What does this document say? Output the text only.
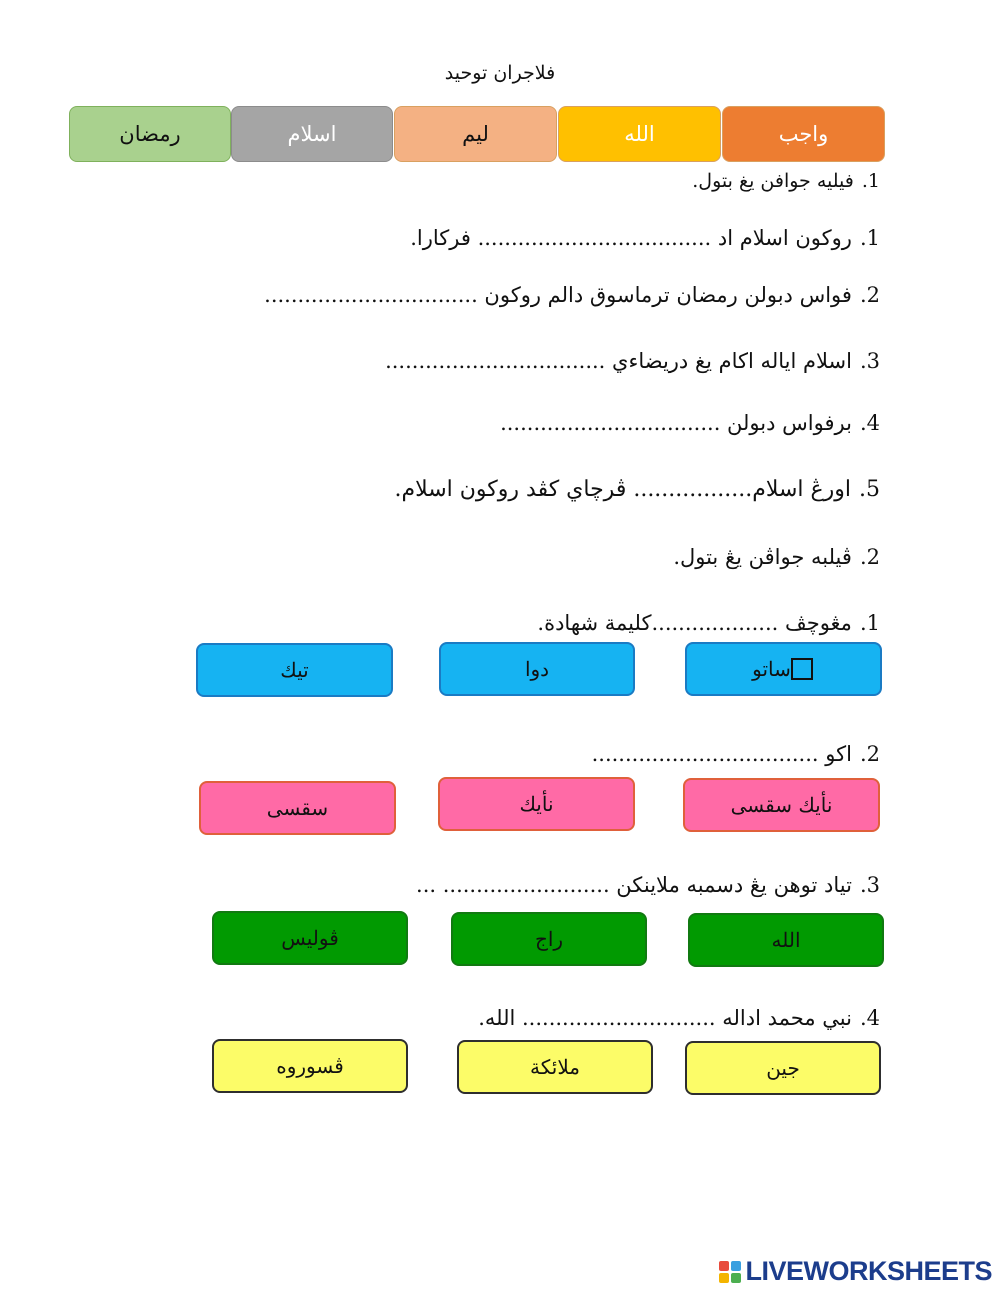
فلاجران توحيد
واجب
الله
ليم
اسلام
رمضان
1.فيليه جوافن يغ بتول.
1.روكون اسلام اد ................................... فركارا.
2.فواس دبولن رمضان ترماسوق دالم روكون ................................
3.اسلام اياله اكام يغ دريضاءي .................................
4.برفواس دبولن .................................
5.اورڠ اسلام................. ڤرچاي كڤد روكون اسلام.
2.ڤيلبه جواڤن يڠ بتول.
1.مڠوچڤ ...................كليمة شهادة.
ساتو
دوا
تيك
2.اكو ..................................
نأيك سقسى
نأيك
سقسى
3.تياد توهن يڠ دسمبه ملاينكن ......................... ...
الله
راج
ڤوليس
4.نبي محمد اداله ............................. الله.
جين
ملائكة
ڤسوروه
LIVEWORKSHEETS
